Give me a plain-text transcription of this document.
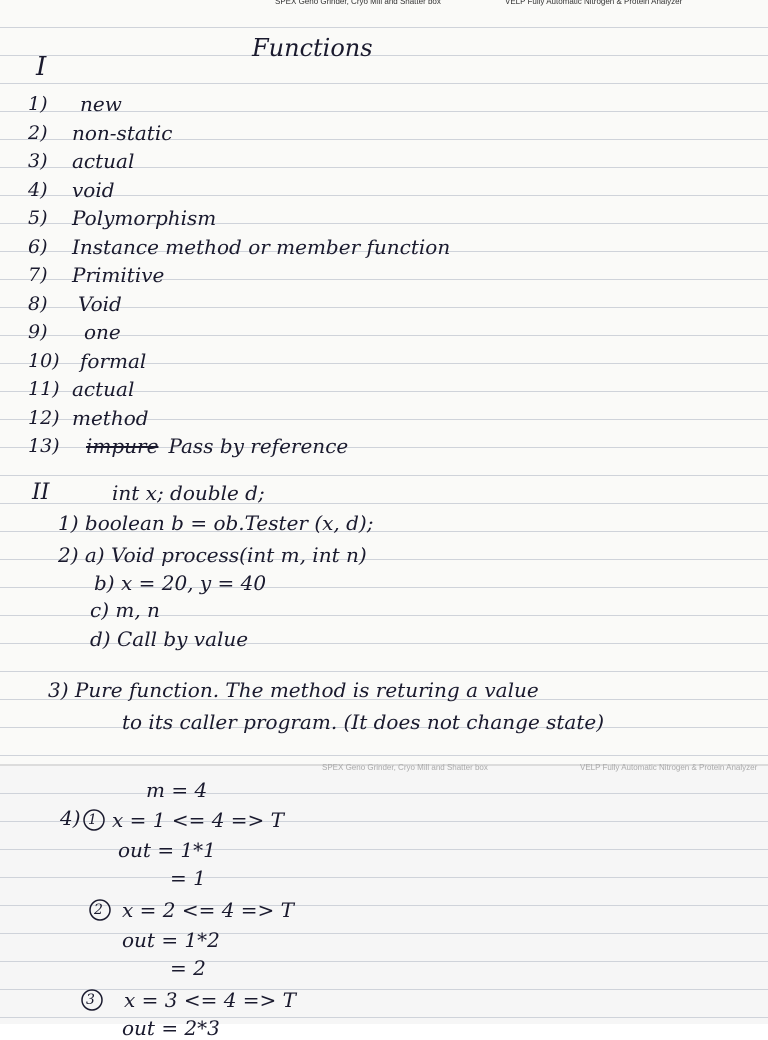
SPEX Geno Grinder, Cryo Mill and Shatter box	VELP Fully Automatic Nitrogen & Protein Analyzer
Functions
I
1)
2)
3)
4)
5)
6)
7)
8)
9)
10)
11)
12)
13)
new
non-static
actual
void
Polymorphism
Instance method or member function
Primitive
Void
one
formal
actual
method
impure Pass by reference
II	int x; double d;
1) boolean b = ob.Tester (x, d);
2) a) Void process(int m, int n)
b) x = 20, y = 40
c) m, n
d) Call by value
3) Pure function. The method is returing a value
to its caller program. (It does not change state)
SPEX Geno Grinder, Cryo Mill and Shatter box	VELP Fully Automatic Nitrogen & Protein Analyzer
m = 4
4) 1 x = 1 <= 4 => T
out = 1*1
= 1
2 x = 2 <= 4 => T
out = 1*2
= 2
3 x = 3 <= 4 => T
out = 2*3
